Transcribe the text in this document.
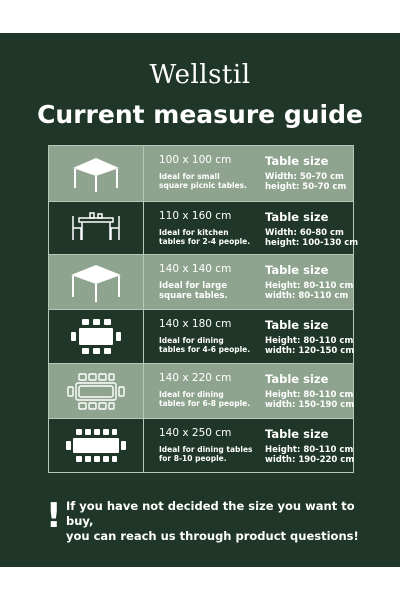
Wellstil
Current measure guide
100 x 100 cm
Ideal for small
square picnic tables.
Table size
Width: 50-70 cm
height: 50-70 cm
110 x 160 cm
Ideal for kitchen
tables for 2-4 people.
Table size
Width: 60-80 cm
height: 100-130 cm
140 x 140 cm
Ideal for large
square tables.
Table size
Height: 80-110 cm
width: 80-110 cm
140 x 180 cm
Ideal for dining
tables for 4-6 people.
Table size
Height: 80-110 cm
width: 120-150 cm
140 x 220 cm
Ideal for dining
tables for 6-8 people.
Table size
Height: 80-110 cm
width: 150-190 cm
140 x 250 cm
Ideal for dining tables
for 8-10 people.
Table size
Height: 80-110 cm
width: 190-220 cm
! If you have not decided the size you want to buy,
you can reach us through product questions!
